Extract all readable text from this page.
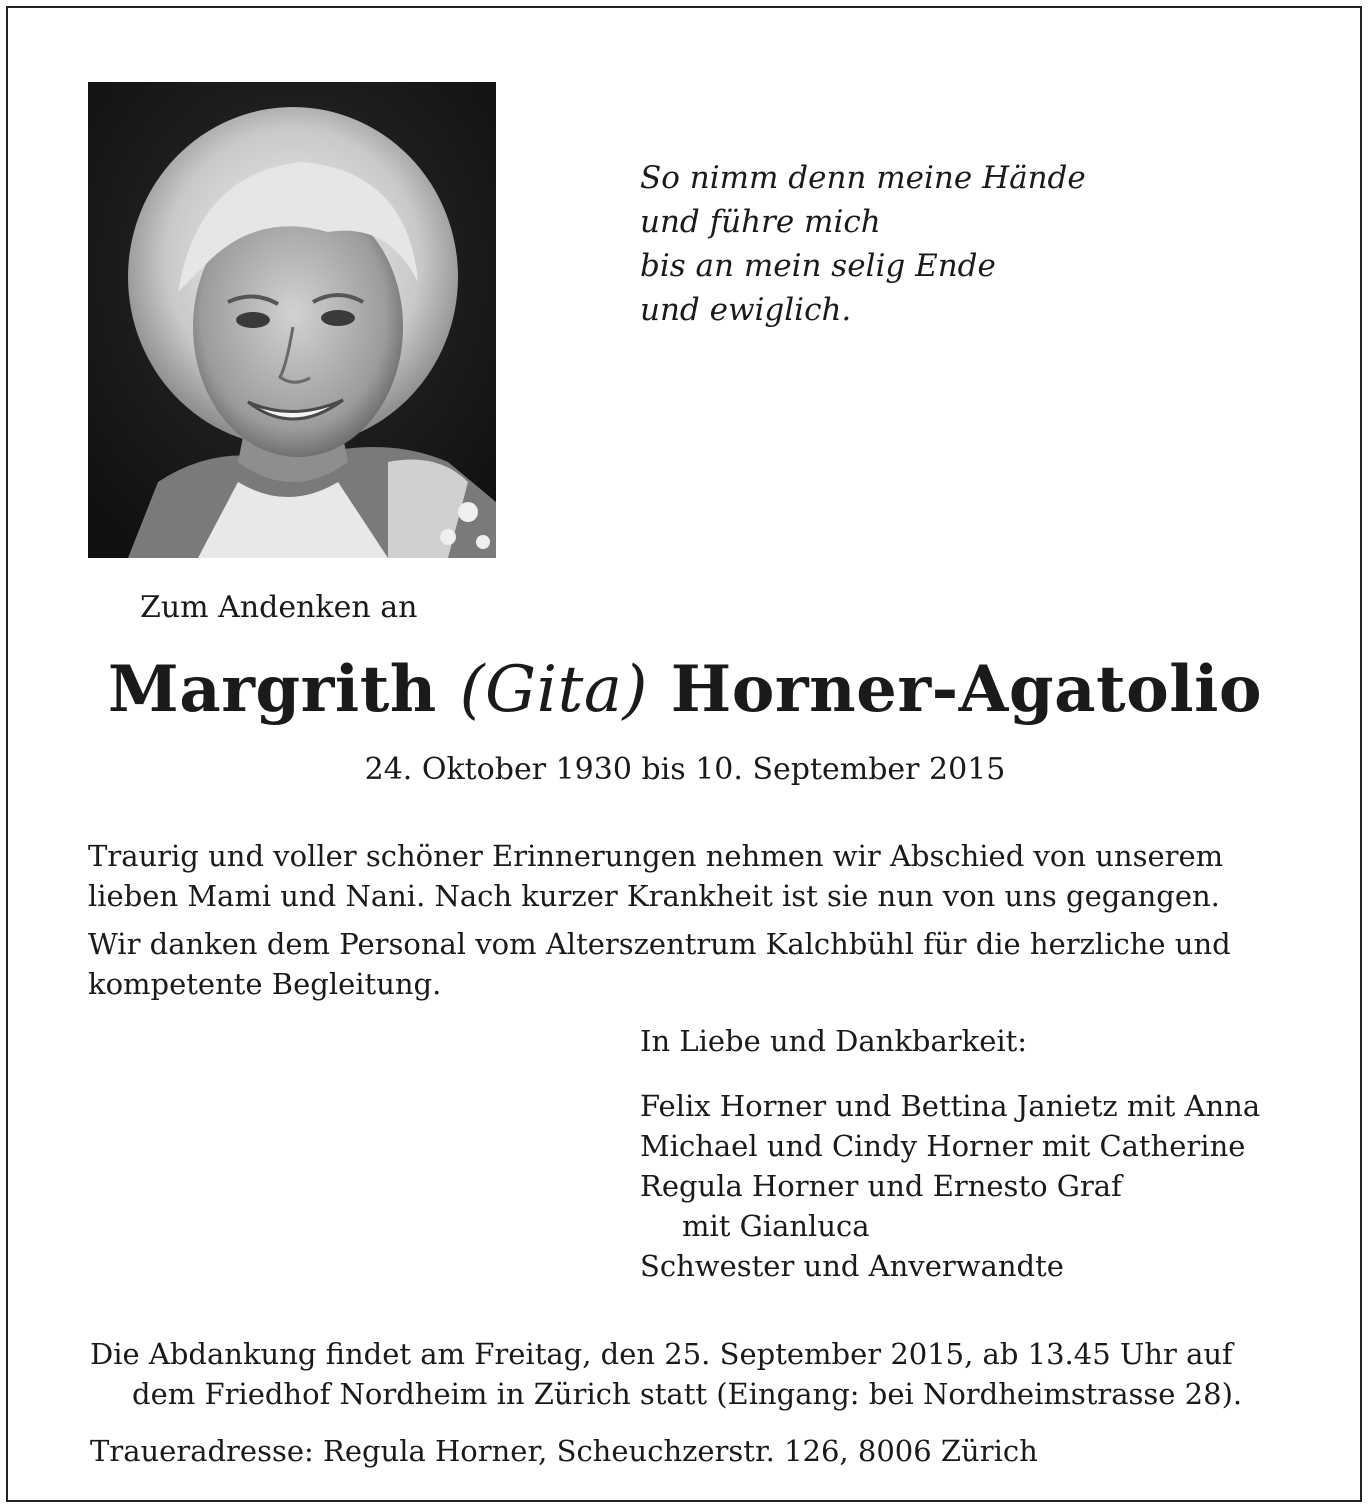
So nimm denn meine Hände
und führe mich
bis an mein selig Ende
und ewiglich.
Zum Andenken an
Margrith (Gita) Horner-Agatolio
24. Oktober 1930 bis 10. September 2015
Traurig und voller schöner Erinnerungen nehmen wir Abschied von unserem
lieben Mami und Nani. Nach kurzer Krankheit ist sie nun von uns gegangen.
Wir danken dem Personal vom Alterszentrum Kalchbühl für die herzliche und
kompetente Begleitung.
In Liebe und Dankbarkeit:
Felix Horner und Bettina Janietz mit Anna
Michael und Cindy Horner mit Catherine
Regula Horner und Ernesto Graf
mit Gianluca
Schwester und Anverwandte
Die Abdankung findet am Freitag, den 25. September 2015, ab 13.45 Uhr auf
dem Friedhof Nordheim in Zürich statt (Eingang: bei Nordheimstrasse 28).
Traueradresse: Regula Horner, Scheuchzerstr. 126, 8006 Zürich
